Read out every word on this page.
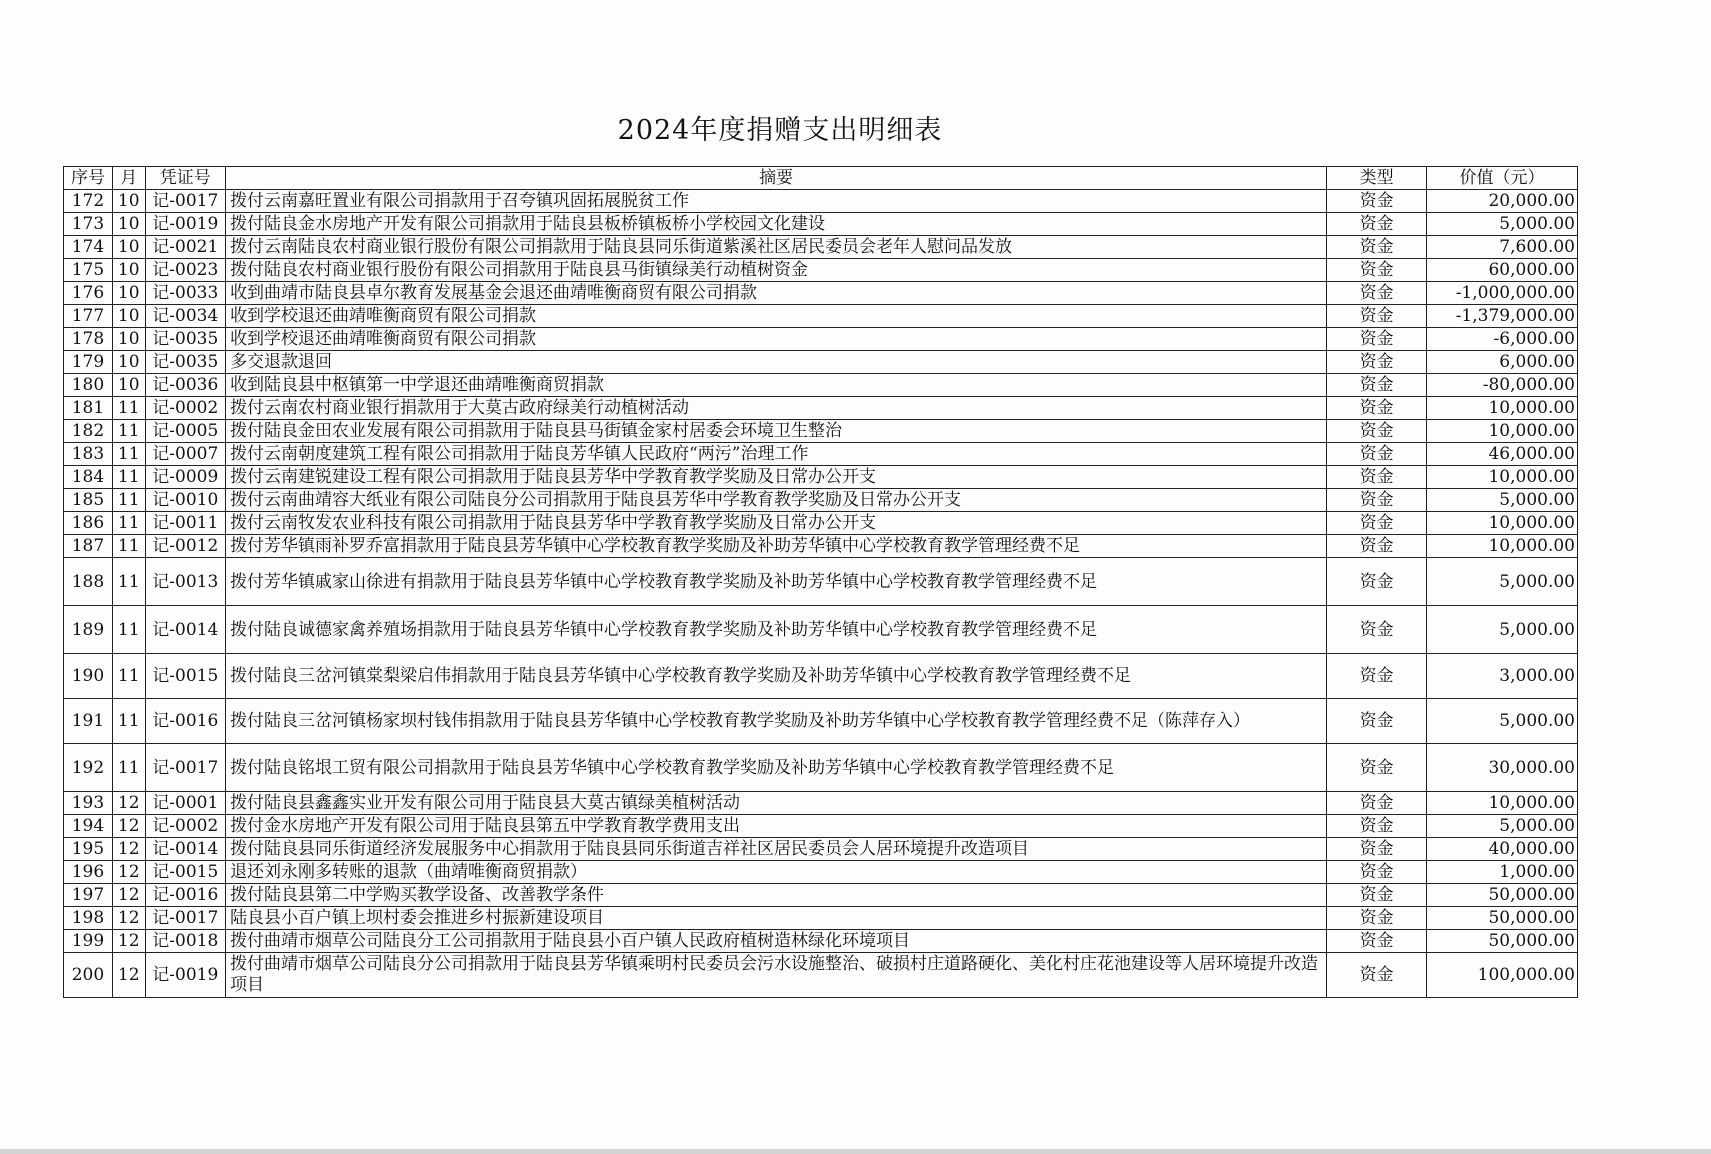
2024年度捐赠支出明细表
序号	月	凭证号	摘要	类型	价值（元）
172	10	记-0017	拨付云南嘉旺置业有限公司捐款用于召夸镇巩固拓展脱贫工作	资金	20,000.00
173	10	记-0019	拨付陆良金水房地产开发有限公司捐款用于陆良县板桥镇板桥小学校园文化建设	资金	5,000.00
174	10	记-0021	拨付云南陆良农村商业银行股份有限公司捐款用于陆良县同乐街道紫溪社区居民委员会老年人慰问品发放	资金	7,600.00
175	10	记-0023	拨付陆良农村商业银行股份有限公司捐款用于陆良县马街镇绿美行动植树资金	资金	60,000.00
176	10	记-0033	收到曲靖市陆良县卓尔教育发展基金会退还曲靖唯衡商贸有限公司捐款	资金	-1,000,000.00
177	10	记-0034	收到学校退还曲靖唯衡商贸有限公司捐款	资金	-1,379,000.00
178	10	记-0035	收到学校退还曲靖唯衡商贸有限公司捐款	资金	-6,000.00
179	10	记-0035	多交退款退回	资金	6,000.00
180	10	记-0036	收到陆良县中枢镇第一中学退还曲靖唯衡商贸捐款	资金	-80,000.00
181	11	记-0002	拨付云南农村商业银行捐款用于大莫古政府绿美行动植树活动	资金	10,000.00
182	11	记-0005	拨付陆良金田农业发展有限公司捐款用于陆良县马街镇金家村居委会环境卫生整治	资金	10,000.00
183	11	记-0007	拨付云南朝度建筑工程有限公司捐款用于陆良芳华镇人民政府“两污”治理工作	资金	46,000.00
184	11	记-0009	拨付云南建锐建设工程有限公司捐款用于陆良县芳华中学教育教学奖励及日常办公开支	资金	10,000.00
185	11	记-0010	拨付云南曲靖容大纸业有限公司陆良分公司捐款用于陆良县芳华中学教育教学奖励及日常办公开支	资金	5,000.00
186	11	记-0011	拨付云南牧发农业科技有限公司捐款用于陆良县芳华中学教育教学奖励及日常办公开支	资金	10,000.00
187	11	记-0012	拨付芳华镇雨补罗乔富捐款用于陆良县芳华镇中心学校教育教学奖励及补助芳华镇中心学校教育教学管理经费不足	资金	10,000.00
188	11	记-0013	拨付芳华镇戚家山徐进有捐款用于陆良县芳华镇中心学校教育教学奖励及补助芳华镇中心学校教育教学管理经费不足	资金	5,000.00
189	11	记-0014	拨付陆良诚德家禽养殖场捐款用于陆良县芳华镇中心学校教育教学奖励及补助芳华镇中心学校教育教学管理经费不足	资金	5,000.00
190	11	记-0015	拨付陆良三岔河镇棠梨梁启伟捐款用于陆良县芳华镇中心学校教育教学奖励及补助芳华镇中心学校教育教学管理经费不足	资金	3,000.00
191	11	记-0016	拨付陆良三岔河镇杨家坝村钱伟捐款用于陆良县芳华镇中心学校教育教学奖励及补助芳华镇中心学校教育教学管理经费不足（陈萍存入）	资金	5,000.00
192	11	记-0017	拨付陆良铭垠工贸有限公司捐款用于陆良县芳华镇中心学校教育教学奖励及补助芳华镇中心学校教育教学管理经费不足	资金	30,000.00
193	12	记-0001	拨付陆良县鑫鑫实业开发有限公司用于陆良县大莫古镇绿美植树活动	资金	10,000.00
194	12	记-0002	拨付金水房地产开发有限公司用于陆良县第五中学教育教学费用支出	资金	5,000.00
195	12	记-0014	拨付陆良县同乐街道经济发展服务中心捐款用于陆良县同乐街道吉祥社区居民委员会人居环境提升改造项目	资金	40,000.00
196	12	记-0015	退还刘永刚多转账的退款（曲靖唯衡商贸捐款）	资金	1,000.00
197	12	记-0016	拨付陆良县第二中学购买教学设备、改善教学条件	资金	50,000.00
198	12	记-0017	陆良县小百户镇上坝村委会推进乡村振新建设项目	资金	50,000.00
199	12	记-0018	拨付曲靖市烟草公司陆良分工公司捐款用于陆良县小百户镇人民政府植树造林绿化环境项目	资金	50,000.00
200	12	记-0019	拨付曲靖市烟草公司陆良分公司捐款用于陆良县芳华镇乘明村民委员会污水设施整治、破损村庄道路硬化、美化村庄花池建设等人居环境提升改造项目	资金	100,000.00
